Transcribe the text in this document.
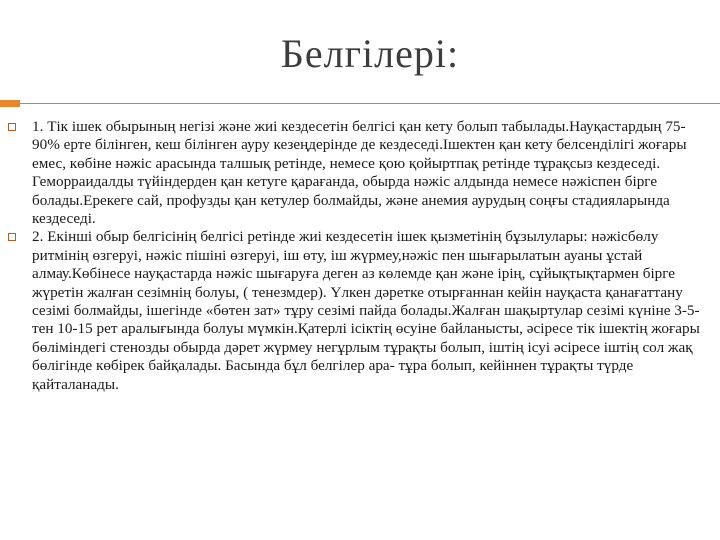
Белгілері:
1. Тік ішек обырының негізі және жиі кездесетін белгісі қан кету болып табылады.Науқастардың 75- 90% ерте білінген, кеш білінген ауру кезеңдерінде де кездеседі.Ішектен қан кету белсенділігі жоғары емес, көбіне нәжіс арасында талшық ретінде, немесе қою қойыртпақ ретінде тұрақсыз кездеседі. Геморраидалды түйіндерден қан кетуге қарағанда, обырда нәжіс алдында немесе нәжіспен бірге болады.Ерекеге сай, профузды қан кетулер болмайды, және анемия аурудың соңғы стадияларында кездеседі.
2. Екінші обыр белгісінің белгісі ретінде жиі кездесетін ішек қызметінің бұзылулары: нәжісбөлу ритмінің өзгеруі, нәжіс пішіні өзгеруі, іш өту, іш жүрмеу,нәжіс пен шығарылатын ауаны ұстай алмау.Көбінесе науқастарда нәжіс шығаруға деген аз көлемде қан және ірің, сұйықтықтармен бірге жүретін жалған сезімнің болуы, ( тенезмдер). Үлкен дәретке отырғаннан кейін науқаста қанағаттану сезімі болмайды, ішегінде «бөтен зат» тұру сезімі пайда болады.Жалған шақыртулар сезімі күніне 3-5-тен 10-15 рет аралығында болуы мүмкін.Қатерлі ісіктің өсуіне байланысты, әсіресе тік ішектің жоғары бөліміндегі стенозды обырда дәрет жүрмеу негұрлым тұрақты болып, іштің ісуі әсіресе іштің сол жақ бөлігінде көбірек байқалады. Басында бұл белгілер ара- тұра болып, кейіннен тұрақты түрде қайталанады.
